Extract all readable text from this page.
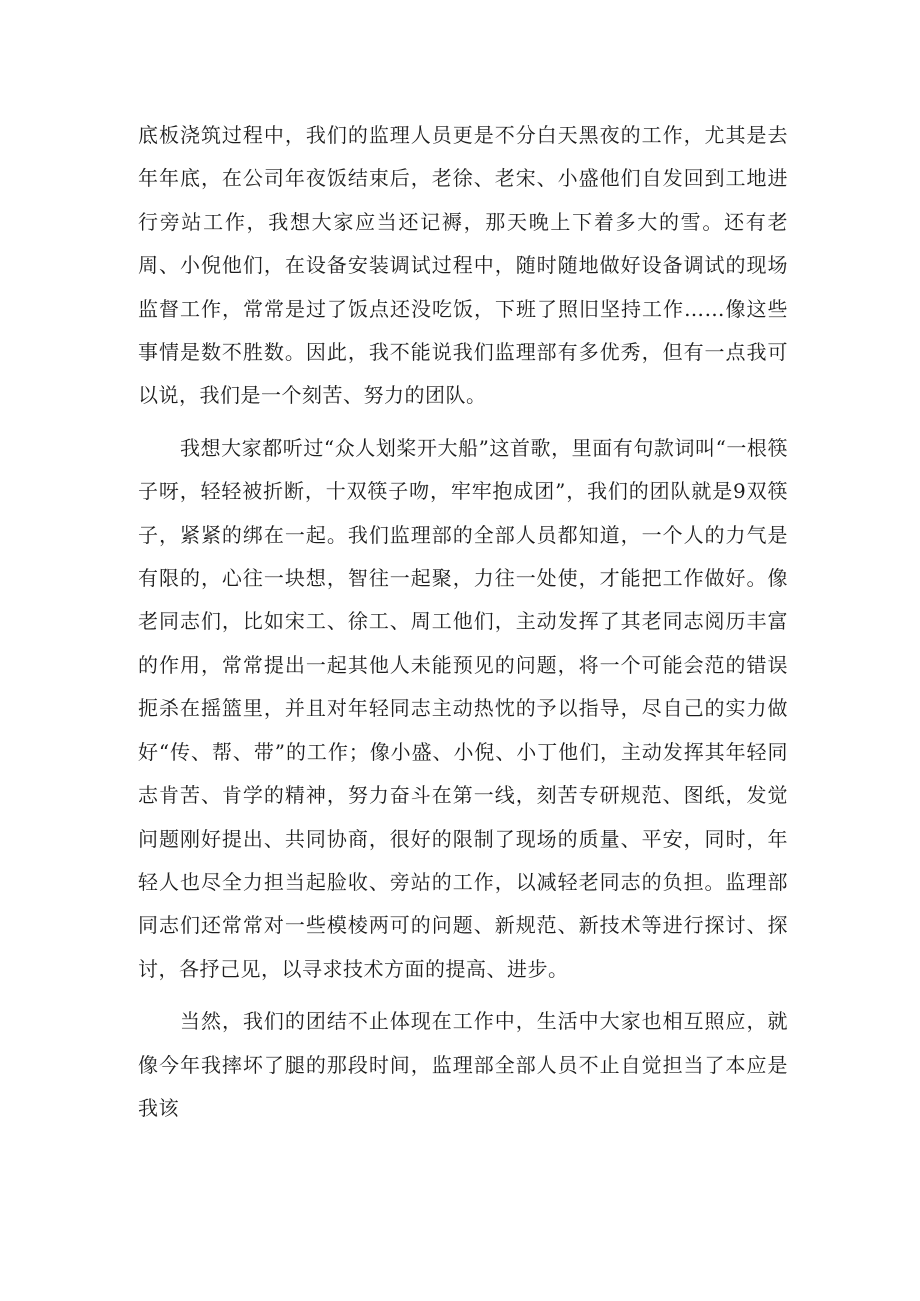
底板浇筑过程中，我们的监理人员更是不分白天黑夜的工作，尤其是去年年底，在公司年夜饭结束后，老徐、老宋、小盛他们自发回到工地进行旁站工作，我想大家应当还记褥，那天晚上下着多大的雪。还有老周、小倪他们，在设备安装调试过程中，随时随地做好设备调试的现场监督工作，常常是过了饭点还没吃饭，下班了照旧坚持工作……像这些事情是数不胜数。因此，我不能说我们监理部有多优秀，但有一点我可以说，我们是一个刻苦、努力的团队。

我想大家都听过“众人划桨开大船”这首歌，里面有句款词叫“一根筷子呀，轻轻被折断，十双筷子吻，牢牢抱成团”，我们的团队就是9双筷子，紧紧的绑在一起。我们监理部的全部人员都知道，一个人的力气是有限的，心往一块想，智往一起聚，力往一处使，才能把工作做好。像老同志们，比如宋工、徐工、周工他们，主动发挥了其老同志阅历丰富的作用，常常提出一起其他人未能预见的问题，将一个可能会范的错误扼杀在摇篮里，并且对年轻同志主动热忱的予以指导，尽自己的实力做好“传、帮、带”的工作；像小盛、小倪、小丁他们，主动发挥其年轻同志肯苦、肯学的精神，努力奋斗在第一线，刻苦专研规范、图纸，发觉问题刚好提出、共同协商，很好的限制了现场的质量、平安，同时，年轻人也尽全力担当起脸收、旁站的工作，以减轻老同志的负担。监理部同志们还常常对一些模棱两可的问题、新规范、新技术等进行探讨、探讨，各抒己见，以寻求技术方面的提高、进步。

当然，我们的团结不止体现在工作中，生活中大家也相互照应，就像今年我摔坏了腿的那段时间，监理部全部人员不止自觉担当了本应是我该
